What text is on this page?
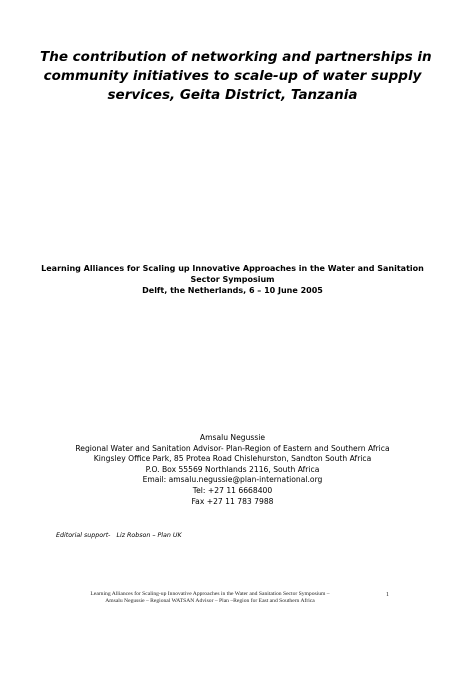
The contribution of networking and partnerships in
community initiatives to scale-up of water supply
services, Geita District, Tanzania
Learning Alliances for Scaling up Innovative Approaches in the Water and Sanitation
Sector Symposium
Delft, the Netherlands, 6 – 10 June 2005
Amsalu Negussie
Regional Water and Sanitation Advisor- Plan-Region of Eastern and Southern Africa
Kingsley Office Park, 85 Protea Road Chislehurston, Sandton South Africa
P.O. Box 55569 Northlands 2116, South Africa
Email: amsalu.negussie@plan-international.org
Tel: +27 11 6668400
Fax +27 11 783 7988
Editorial support-   Liz Robson – Plan UK
Learning Alliances for Scaling-up Innovative Approaches in the Water and Sanitation Sector Symposium –
Amsalu Negussie – Regional WATSAN Advisor – Plan –Region for East and Southern Africa
1
